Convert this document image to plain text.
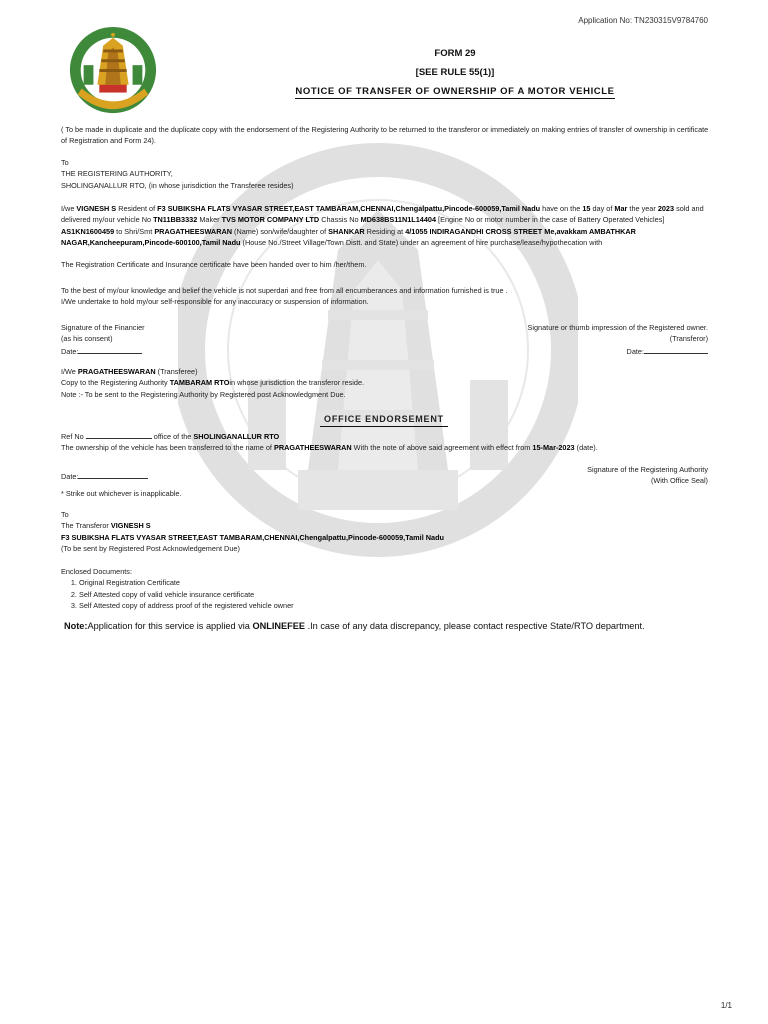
Application No: TN230315V9784760
FORM 29
[SEE RULE 55(1)]
NOTICE OF TRANSFER OF OWNERSHIP OF A MOTOR VEHICLE
( To be made in duplicate and the duplicate copy with the endorsement of the Registering Authority to be returned to the transferor or immediately on making entries of transfer of ownership in certificate of Registration and Form 24).
To
THE REGISTERING AUTHORITY,
SHOLINGANALLUR RTO, (in whose jurisdiction the Transferee resides)
I/we VIGNESH S Resident of F3 SUBIKSHA FLATS VYASAR STREET,EAST TAMBARAM,CHENNAI,Chengalpattu,Pincode-600059,Tamil Nadu have on the 15 day of Mar the year 2023 sold and delivered my/our vehicle No TN11BB3332 Maker TVS MOTOR COMPANY LTD Chassis No MD638BS11N1L14404 [Engine No or motor number in the case of Battery Operated Vehicles] AS1KN1600459 to Shri/Smt PRAGATHEESWARAN (Name) son/wife/daughter of SHANKAR Residing at 4/1055 INDIRAGANDHI CROSS STREET Me,avakkam AMBATHKAR NAGAR,Kancheepuram,Pincode-600100,Tamil Nadu (House No./Street Village/Town Distt. and State) under an agreement of hire purchase/lease/hypothecation with
The Registration Certificate and Insurance certificate have been handed over to him /her/them.
To the best of my/our knowledge and belief the vehicle is not superdari and free from all encumberances and information furnished is true .
I/We undertake to hold my/our self-responsible for any inaccuracy or suspension of information.
Signature of the Financier
(as his consent)
Date:
Signature or thumb impression of the Registered owner.
(Transferor)
Date:
I/We PRAGATHEESWARAN (Transferee)
Copy to the Registering Authority TAMBARAM RTOin whose jurisdiction the transferor reside.
Note :- To be sent to the Registering Authority by Registered post Acknowledgment Due.
OFFICE ENDORSEMENT
Ref No	office of the SHOLINGANALLUR RTO
The ownership of the vehicle has been transferred to the name of PRAGATHEESWARAN With the note of above said agreement with effect from 15-Mar-2023 (date).
Date:
Signature of the Registering Authority
(With Office Seal)
* Strike out whichever is inapplicable.
To
The Transferor VIGNESH S
F3 SUBIKSHA FLATS VYASAR STREET,EAST TAMBARAM,CHENNAI,Chengalpattu,Pincode-600059,Tamil Nadu
(To be sent by Registered Post Acknowledgement Due)
Enclosed Documents:
1. Original Registration Certificate
2. Self Attested copy of valid vehicle insurance certificate
3. Self Attested copy of address proof of the registered vehicle owner
Note:Application for this service is applied via ONLINEFEE .In case of any data discrepancy, please contact respective State/RTO department.
1/1
